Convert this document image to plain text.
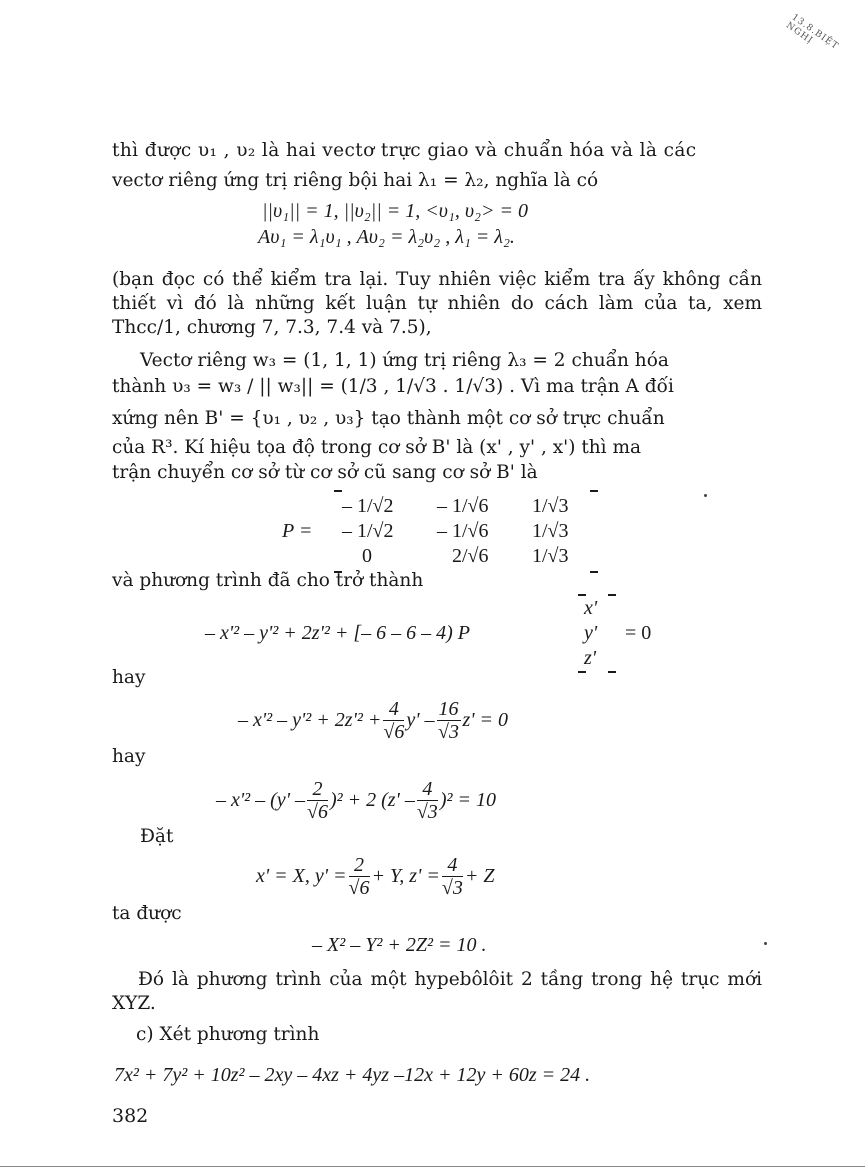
13.8.BIỆT NGHỊ
thì được υ₁ , υ₂ là hai vectơ trực giao và chuẩn hóa và là các
vectơ riêng ứng trị riêng bội hai λ₁ = λ₂, nghĩa là có
||υ₁|| = 1, ||υ₂|| = 1, <υ₁, υ₂> = 0
Aυ₁ = λ₁υ₁ , Aυ₂ = λ₂υ₂ , λ₁ = λ₂.
(bạn đọc có thể kiểm tra lại. Tuy nhiên việc kiểm tra ấy không cần thiết vì đó là những kết luận tự nhiên do cách làm của ta, xem Thcc/1, chương 7, 7.3, 7.4 và 7.5),
Vectơ riêng w₃ = (1, 1, 1) ứng trị riêng λ₃ = 2 chuẩn hóa
thành υ₃ = w₃ / || w₃|| = (1/3 , 1/√3 . 1/√3) . Vì ma trận A đối
xứng nên B' = {υ₁ , υ₂ , υ₃} tạo thành một cơ sở trực chuẩn
của R³. Kí hiệu tọa độ trong cơ sở B' là (x' , y' , x') thì ma
trận chuyển cơ sở từ cơ sở cũ sang cơ sở B' là
P =
– 1/√2	– 1/√6	1/√3
– 1/√2	– 1/√6	1/√3
0	2/√6	1/√3
và phương trình đã cho trở thành
– x'² – y'² + 2z'² + [– 6 – 6 – 4) P
x'
y'
z'
= 0
hay
– $x'^2 - y'^2 + 2z'^2 + \frac{4}{√6} y' - \frac{16}{√3} z' = 0$
hay
– $x'^2 - (y' - \frac{2}{√6} )^2 + 2$ $(z' - \frac{4}{√3} )^2 = 10$
Đặt
x' = X, $y' = \frac{2}{√6} + Y$, $z' = \frac{4}{√3} + Z$
ta được
– X² – Y² + 2Z² = 10 .
Đó là phương trình của một hypebôlôit 2 tầng trong hệ trục mới XYZ.
c) Xét phương trình
7x² + 7y² + 10z² – 2xy – 4xz + 4yz –12x + 12y + 60z = 24 .
382
